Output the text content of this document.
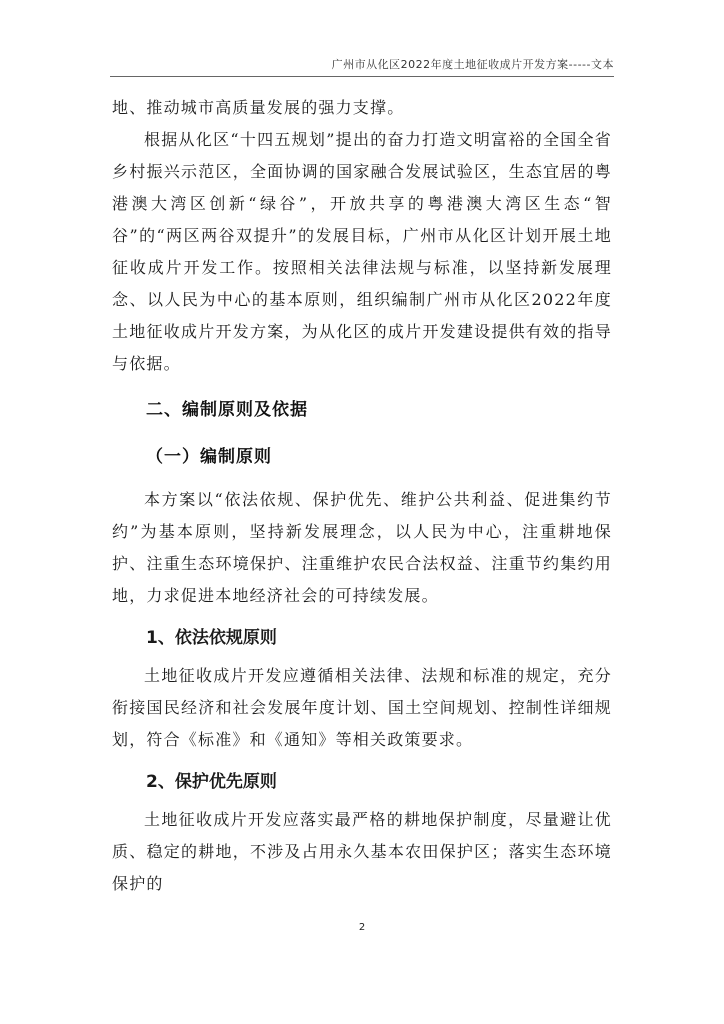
广州市从化区2022年度土地征收成片开发方案-----文本

地、推动城市高质量发展的强力支撑。

根据从化区“十四五规划”提出的奋力打造文明富裕的全国全省乡村振兴示范区，全面协调的国家融合发展试验区，生态宜居的粤港澳大湾区创新“绿谷”，开放共享的粤港澳大湾区生态“智谷”的“两区两谷双提升”的发展目标，广州市从化区计划开展土地征收成片开发工作。按照相关法律法规与标准，以坚持新发展理念、以人民为中心的基本原则，组织编制广州市从化区2022年度土地征收成片开发方案，为从化区的成片开发建设提供有效的指导与依据。

二、编制原则及依据
（一）编制原则

本方案以“依法依规、保护优先、维护公共利益、促进集约节约”为基本原则，坚持新发展理念，以人民为中心，注重耕地保护、注重生态环境保护、注重维护农民合法权益、注重节约集约用地，力求促进本地经济社会的可持续发展。

1、依法依规原则

土地征收成片开发应遵循相关法律、法规和标准的规定，充分衔接国民经济和社会发展年度计划、国土空间规划、控制性详细规划，符合《标准》和《通知》等相关政策要求。

2、保护优先原则

土地征收成片开发应落实最严格的耕地保护制度，尽量避让优质、稳定的耕地，不涉及占用永久基本农田保护区；落实生态环境保护的

2
